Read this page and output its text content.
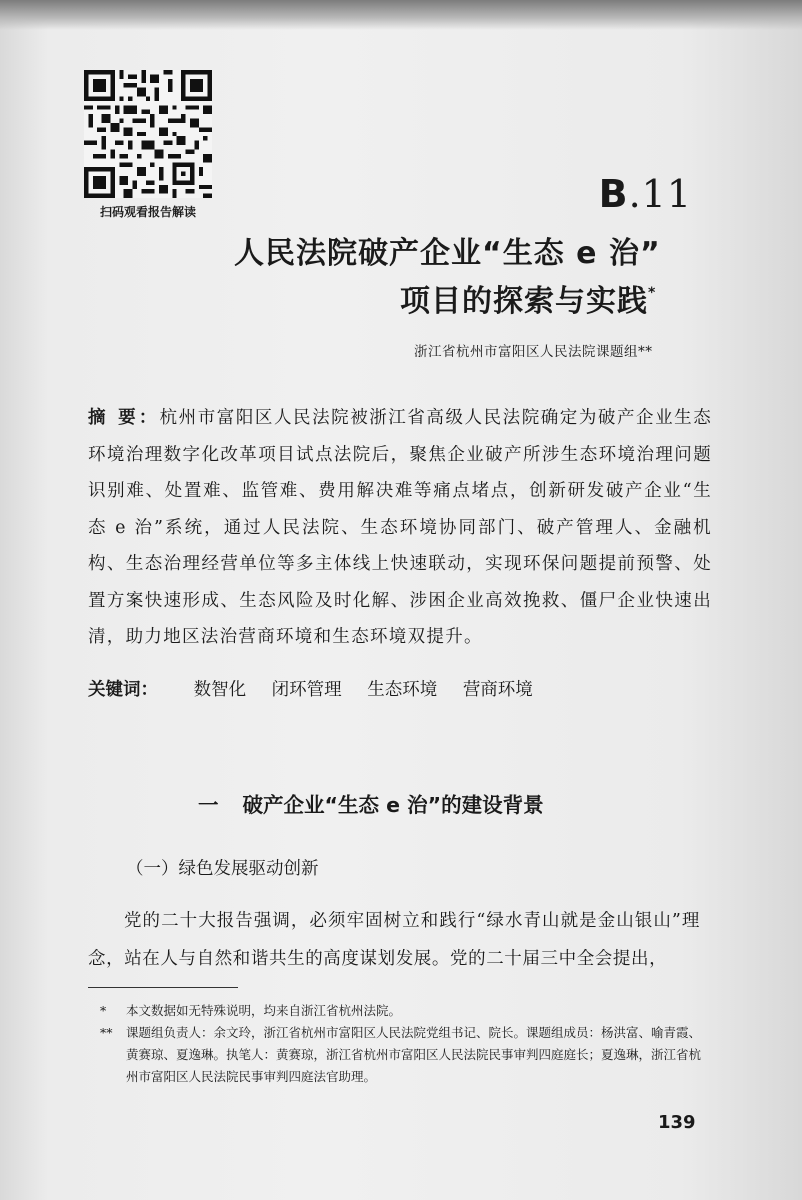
扫码观看报告解读	B.11
人民法院破产企业“生态 e 治”
项目的探索与实践*
浙江省杭州市富阳区人民法院课题组**
摘 要：杭州市富阳区人民法院被浙江省高级人民法院确定为破产企业生态环境治理数字化改革项目试点法院后，聚焦企业破产所涉生态环境治理问题识别难、处置难、监管难、费用解决难等痛点堵点，创新研发破产企业“生态 e 治”系统，通过人民法院、生态环境协同部门、破产管理人、金融机构、生态治理经营单位等多主体线上快速联动，实现环保问题提前预警、处置方案快速形成、生态风险及时化解、涉困企业高效挽救、僵尸企业快速出清，助力地区法治营商环境和生态环境双提升。
关键词： 数智化 闭环管理 生态环境 营商环境
一 破产企业“生态 e 治”的建设背景
（一）绿色发展驱动创新
党的二十大报告强调，必须牢固树立和践行“绿水青山就是金山银山”理念，站在人与自然和谐共生的高度谋划发展。党的二十届三中全会提出，
* 本文数据如无特殊说明，均来自浙江省杭州法院。
** 课题组负责人：余文玲，浙江省杭州市富阳区人民法院党组书记、院长。课题组成员：杨洪富、喻青霞、黄赛琼、夏逸琳。执笔人：黄赛琼，浙江省杭州市富阳区人民法院民事审判四庭庭长；夏逸琳，浙江省杭州市富阳区人民法院民事审判四庭法官助理。
139
